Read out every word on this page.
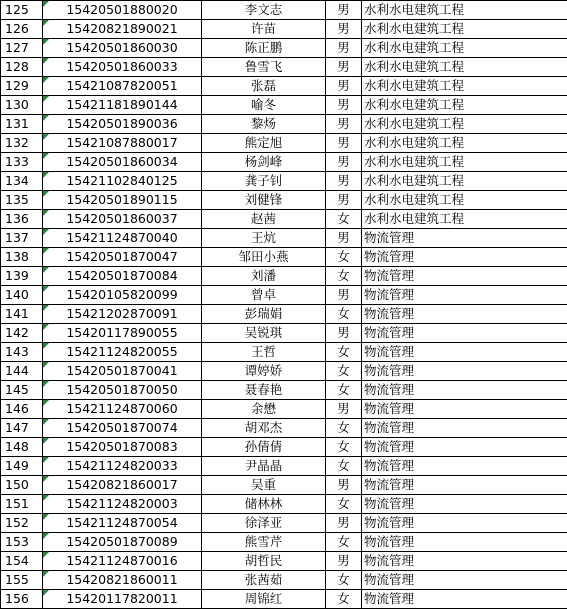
125	15420501880020	李文志	男	水利水电建筑工程
126	15420821890021	许苗	男	水利水电建筑工程
127	15420501860030	陈正鹏	男	水利水电建筑工程
128	15420501860033	鲁雪飞	男	水利水电建筑工程
129	15421087820051	张磊	男	水利水电建筑工程
130	15421181890144	喻冬	男	水利水电建筑工程
131	15420501890036	黎炀	男	水利水电建筑工程
132	15421087880017	熊定旭	男	水利水电建筑工程
133	15420501860034	杨剑峰	男	水利水电建筑工程
134	15421102840125	龚子钊	男	水利水电建筑工程
135	15420501890115	刘健锋	男	水利水电建筑工程
136	15420501860037	赵茜	女	水利水电建筑工程
137	15421124870040	王炕	男	物流管理
138	15420501870047	邹田小燕	女	物流管理
139	15420501870084	刘潘	女	物流管理
140	15420105820099	曾卓	男	物流管理
141	15421202870091	彭瑞娟	女	物流管理
142	15420117890055	吴锐琪	男	物流管理
143	15421124820055	王哲	女	物流管理
144	15420501870041	谭婷娇	女	物流管理
145	15420501870050	聂春艳	女	物流管理
146	15421124870060	余懋	男	物流管理
147	15420501870074	胡邓杰	女	物流管理
148	15420501870083	孙倩倩	女	物流管理
149	15421124820033	尹晶晶	女	物流管理
150	15420821860017	吴重	男	物流管理
151	15421124820003	储林林	女	物流管理
152	15421124870054	徐泽亚	男	物流管理
153	15420501870089	熊雪芹	女	物流管理
154	15421124870016	胡哲民	男	物流管理
155	15420821860011	张茜茹	女	物流管理
156	15420117820011	周锦红	女	物流管理
